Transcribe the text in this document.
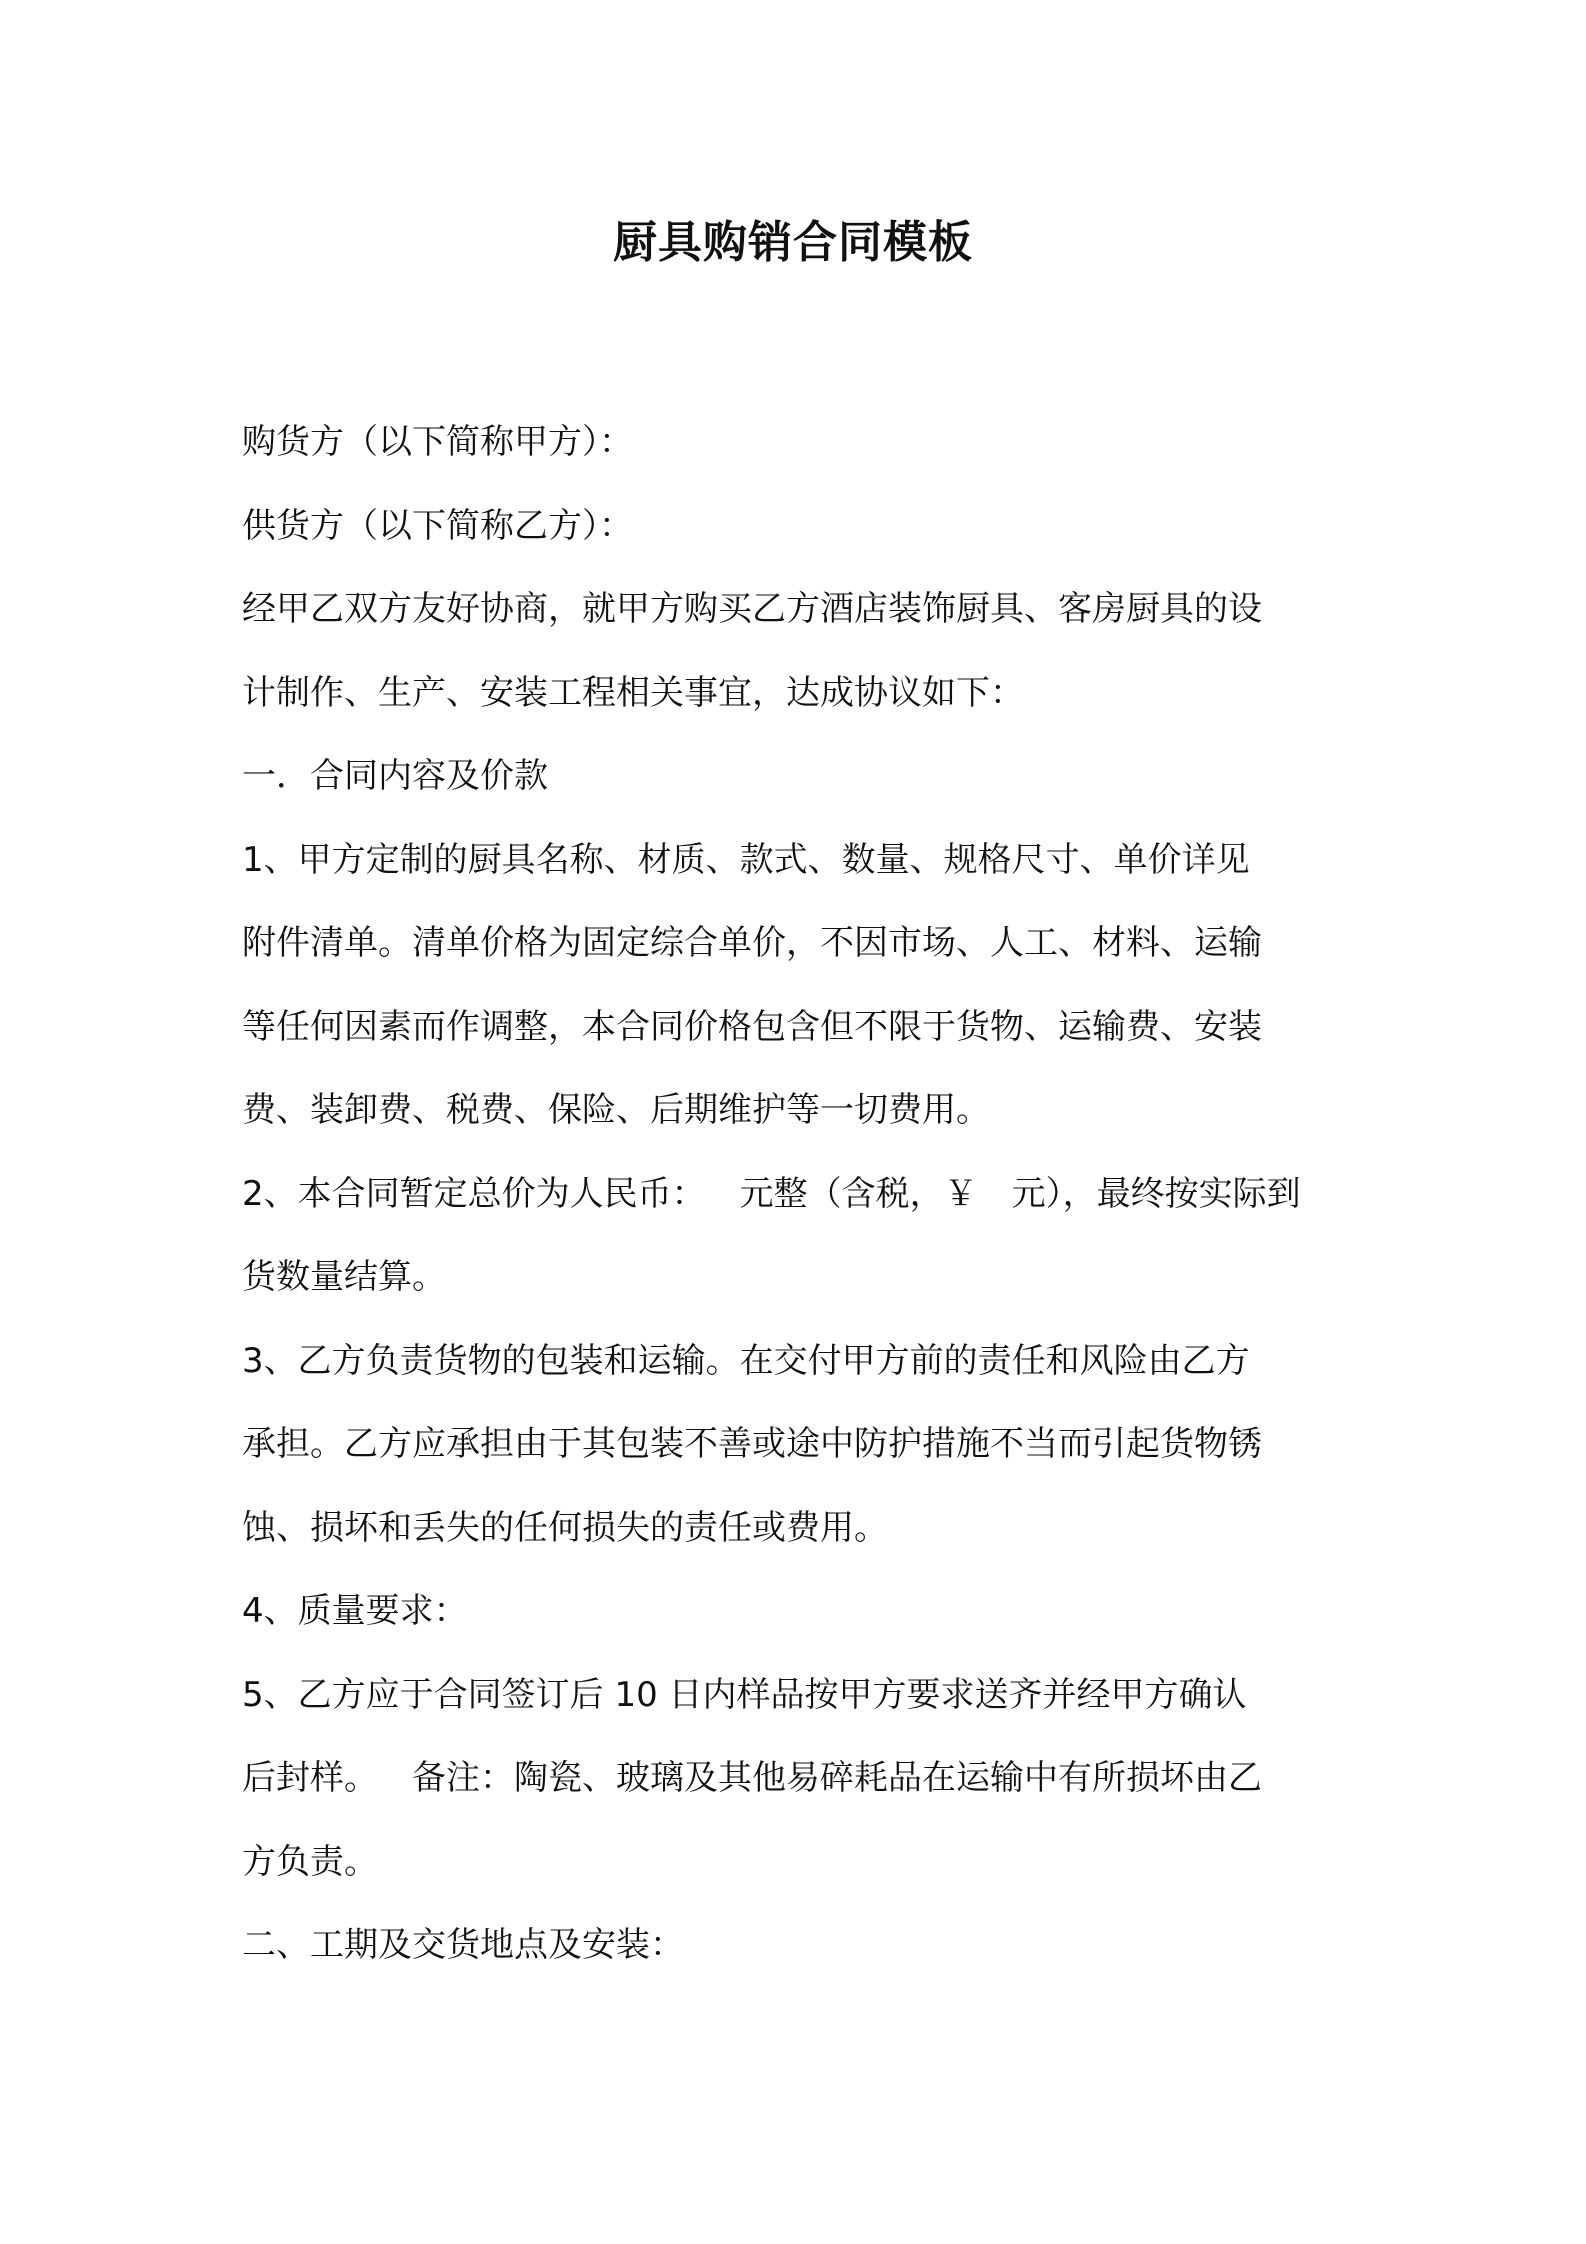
厨具购销合同模板
购货方（以下简称甲方）：
供货方（以下简称乙方）：
经甲乙双方友好协商，就甲方购买乙方酒店装饰厨具、客房厨具的设
计制作、生产、安装工程相关事宜，达成协议如下：
一．合同内容及价款
1、甲方定制的厨具名称、材质、款式、数量、规格尺寸、单价详见
附件清单。清单价格为固定综合单价，不因市场、人工、材料、运输
等任何因素而作调整，本合同价格包含但不限于货物、运输费、安装
费、装卸费、税费、保险、后期维护等一切费用。
2、本合同暂定总价为人民币： 元整（含税，￥ 元），最终按实际到
货数量结算。
3、乙方负责货物的包装和运输。在交付甲方前的责任和风险由乙方
承担。乙方应承担由于其包装不善或途中防护措施不当而引起货物锈
蚀、损坏和丢失的任何损失的责任或费用。
4、质量要求：
5、乙方应于合同签订后 10 日内样品按甲方要求送齐并经甲方确认
后封样。 备注：陶瓷、玻璃及其他易碎耗品在运输中有所损坏由乙
方负责。
二、工期及交货地点及安装：
